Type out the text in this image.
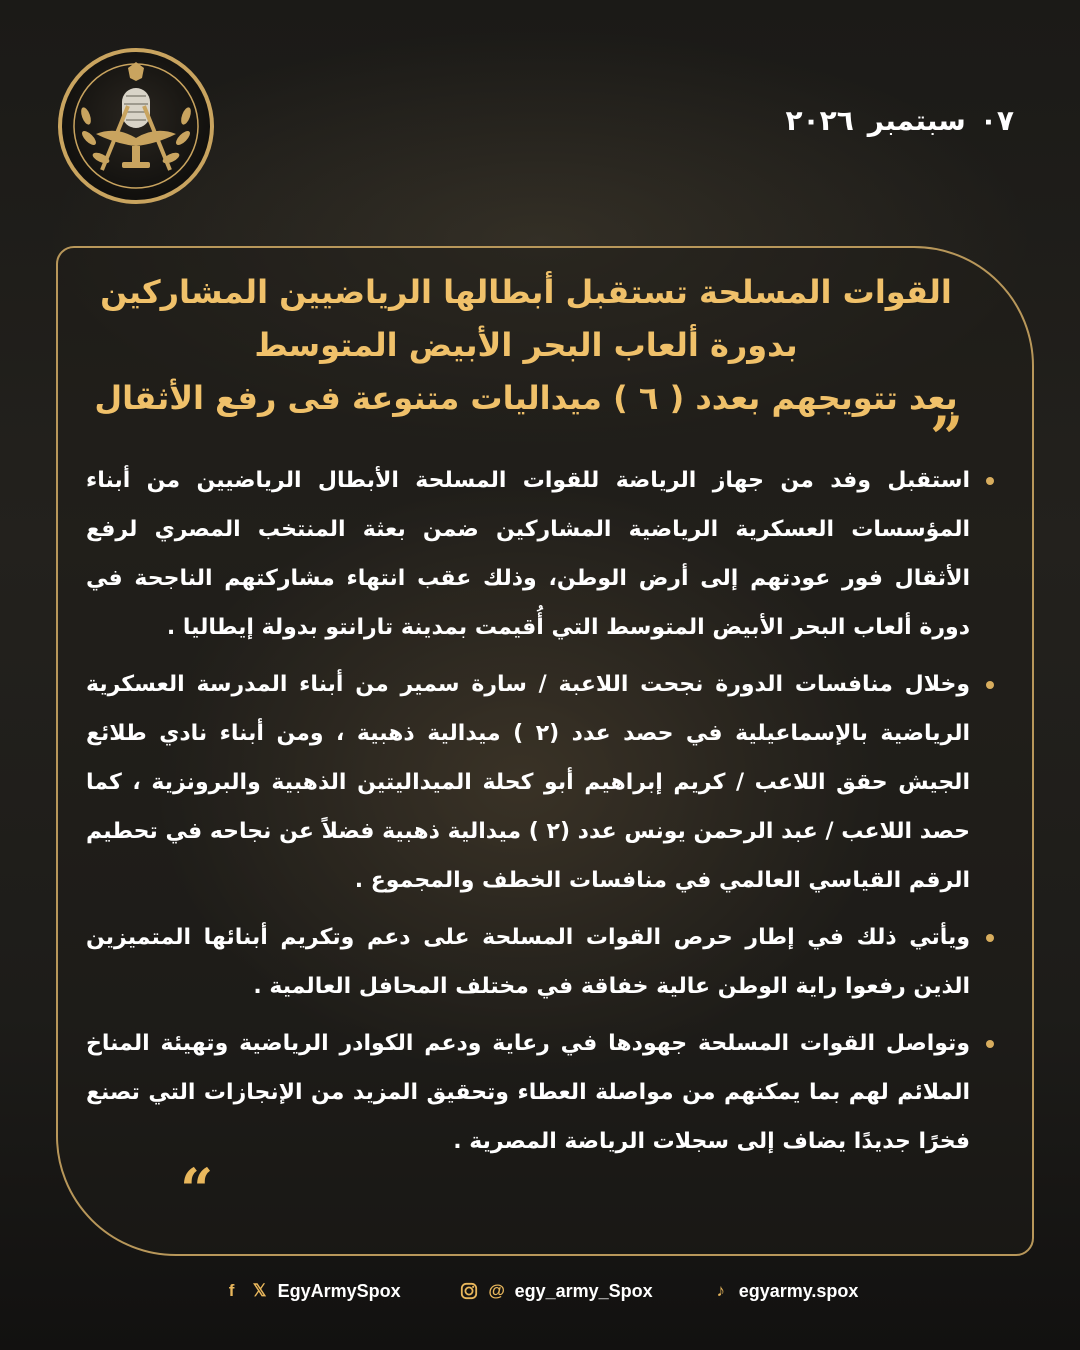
٠٧
سبتمبر
٢٠٢٦
القوات المسلحة تستقبل أبطالها الرياضيين المشاركين
بدورة ألعاب البحر الأبيض المتوسط
بعد تتويجهم بعدد ( ٦ ) ميداليات متنوعة فى رفع الأثقال
”
استقبل وفد من جهاز الرياضة للقوات المسلحة الأبطال الرياضيين من أبناء المؤسسات العسكرية الرياضية المشاركين ضمن بعثة المنتخب المصري لرفع الأثقال فور عودتهم إلى أرض الوطن، وذلك عقب انتهاء مشاركتهم الناجحة في دورة ألعاب البحر الأبيض المتوسط التي أُقيمت بمدينة تارانتو بدولة إيطاليا .
وخلال منافسات الدورة نجحت اللاعبة / سارة سمير من أبناء المدرسة العسكرية الرياضية بالإسماعيلية في حصد عدد (٢ ) ميدالية ذهبية ، ومن أبناء نادي طلائع الجيش حقق اللاعب / كريم إبراهيم أبو كحلة الميداليتين الذهبية والبرونزية ، كما حصد اللاعب / عبد الرحمن يونس عدد (٢ ) ميدالية ذهبية فضلاً عن نجاحه في تحطيم الرقم القياسي العالمي في منافسات الخطف والمجموع .
ويأتي ذلك في إطار حرص القوات المسلحة على دعم وتكريم أبنائها المتميزين الذين رفعوا راية الوطن عالية خفاقة في مختلف المحافل العالمية .
وتواصل القوات المسلحة جهودها في رعاية ودعم الكوادر الرياضية وتهيئة المناخ الملائم لهم بما يمكنهم من مواصلة العطاء وتحقيق المزيد من الإنجازات التي تصنع فخرًا جديدًا يضاف إلى سجلات الرياضة المصرية .
“
f	𝕏 EgyArmySpox	@ egy_army_Spox	♪ egyarmy.spox
